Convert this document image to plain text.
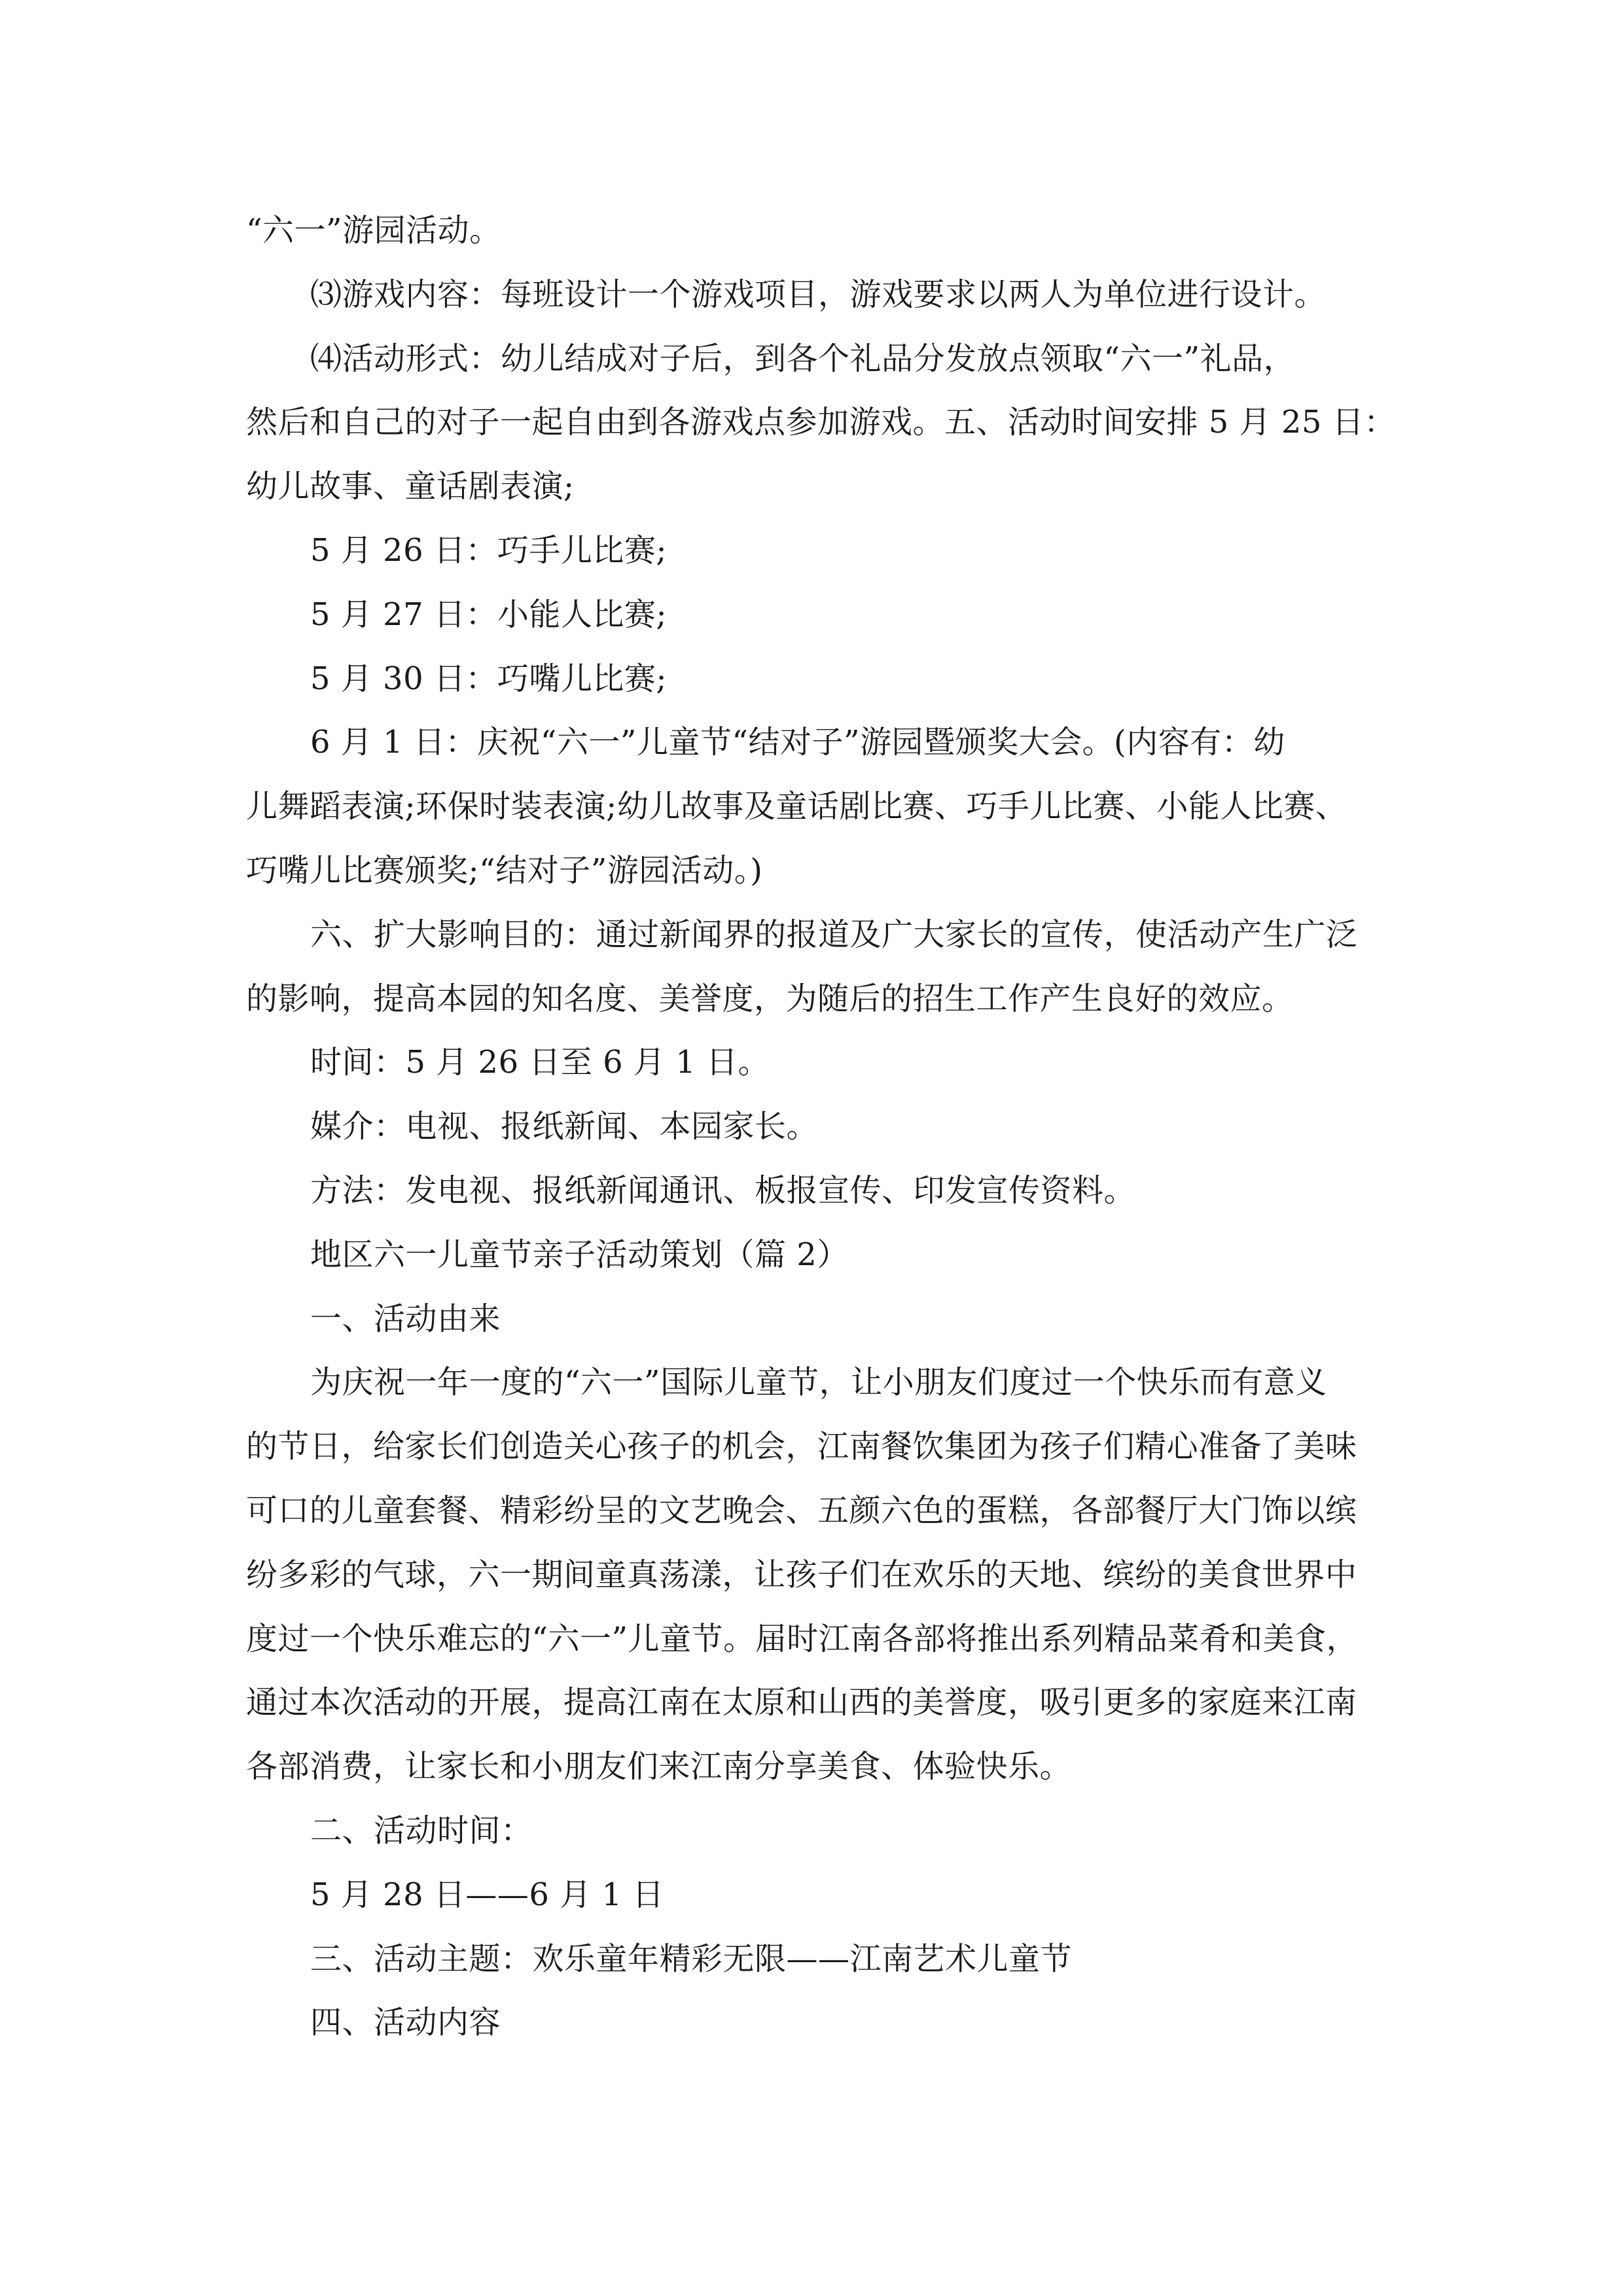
“六一”游园活动。
⑶游戏内容：每班设计一个游戏项目，游戏要求以两人为单位进行设计。
⑷活动形式：幼儿结成对子后，到各个礼品分发放点领取“六一”礼品，
然后和自己的对子一起自由到各游戏点参加游戏。五、活动时间安排 5 月 25 日：
幼儿故事、童话剧表演;
5 月 26 日：巧手儿比赛;
5 月 27 日：小能人比赛;
5 月 30 日：巧嘴儿比赛;
6 月 1 日：庆祝“六一”儿童节“结对子”游园暨颁奖大会。(内容有：幼
儿舞蹈表演;环保时装表演;幼儿故事及童话剧比赛、巧手儿比赛、小能人比赛、
巧嘴儿比赛颁奖;“结对子”游园活动。)
六、扩大影响目的：通过新闻界的报道及广大家长的宣传，使活动产生广泛
的影响，提高本园的知名度、美誉度，为随后的招生工作产生良好的效应。
时间：5 月 26 日至 6 月 1 日。
媒介：电视、报纸新闻、本园家长。
方法：发电视、报纸新闻通讯、板报宣传、印发宣传资料。
地区六一儿童节亲子活动策划（篇 2）
一、活动由来
为庆祝一年一度的“六一”国际儿童节，让小朋友们度过一个快乐而有意义
的节日，给家长们创造关心孩子的机会，江南餐饮集团为孩子们精心准备了美味
可口的儿童套餐、精彩纷呈的文艺晚会、五颜六色的蛋糕，各部餐厅大门饰以缤
纷多彩的气球，六一期间童真荡漾，让孩子们在欢乐的天地、缤纷的美食世界中
度过一个快乐难忘的“六一”儿童节。届时江南各部将推出系列精品菜肴和美食，
通过本次活动的开展，提高江南在太原和山西的美誉度，吸引更多的家庭来江南
各部消费，让家长和小朋友们来江南分享美食、体验快乐。
二、活动时间：
5 月 28 日——6 月 1 日
三、活动主题：欢乐童年精彩无限——江南艺术儿童节
四、活动内容
